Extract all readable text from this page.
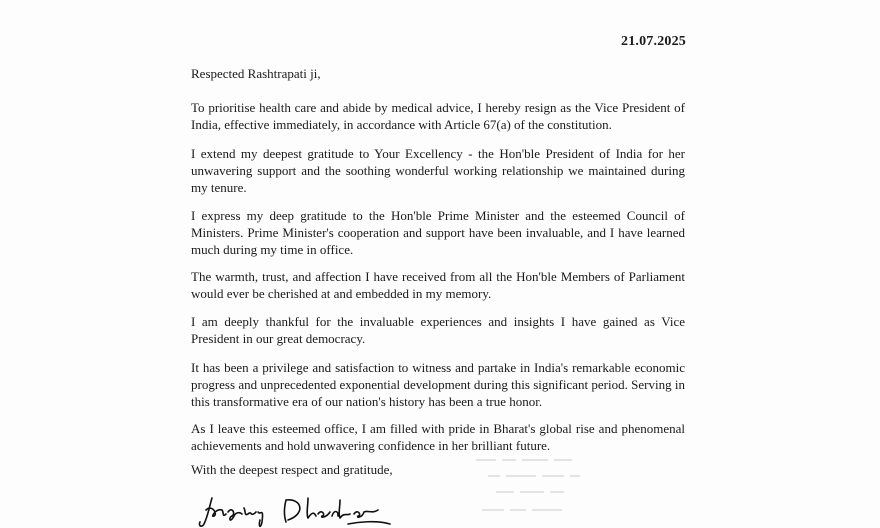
21.07.2025
Respected Rashtrapati ji,

To prioritise health care and abide by medical advice, I hereby resign as the Vice President of India, effective immediately, in accordance with Article 67(a) of the constitution.

I extend my deepest gratitude to Your Excellency - the Hon'ble President of India for her unwavering support and the soothing wonderful working relationship we maintained during my tenure.

I express my deep gratitude to the Hon'ble Prime Minister and the esteemed Council of Ministers. Prime Minister's cooperation and support have been invaluable, and I have learned much during my time in office.

The warmth, trust, and affection I have received from all the Hon'ble Members of Parliament would ever be cherished at and embedded in my memory.

I am deeply thankful for the invaluable experiences and insights I have gained as Vice President in our great democracy.

It has been a privilege and satisfaction to witness and partake in India's remarkable economic progress and unprecedented exponential development during this significant period. Serving in this transformative era of our nation's history has been a true honor.

As I leave this esteemed office, I am filled with pride in Bharat's global rise and phenomenal achievements and hold unwavering confidence in her brilliant future.

With the deepest respect and gratitude,
